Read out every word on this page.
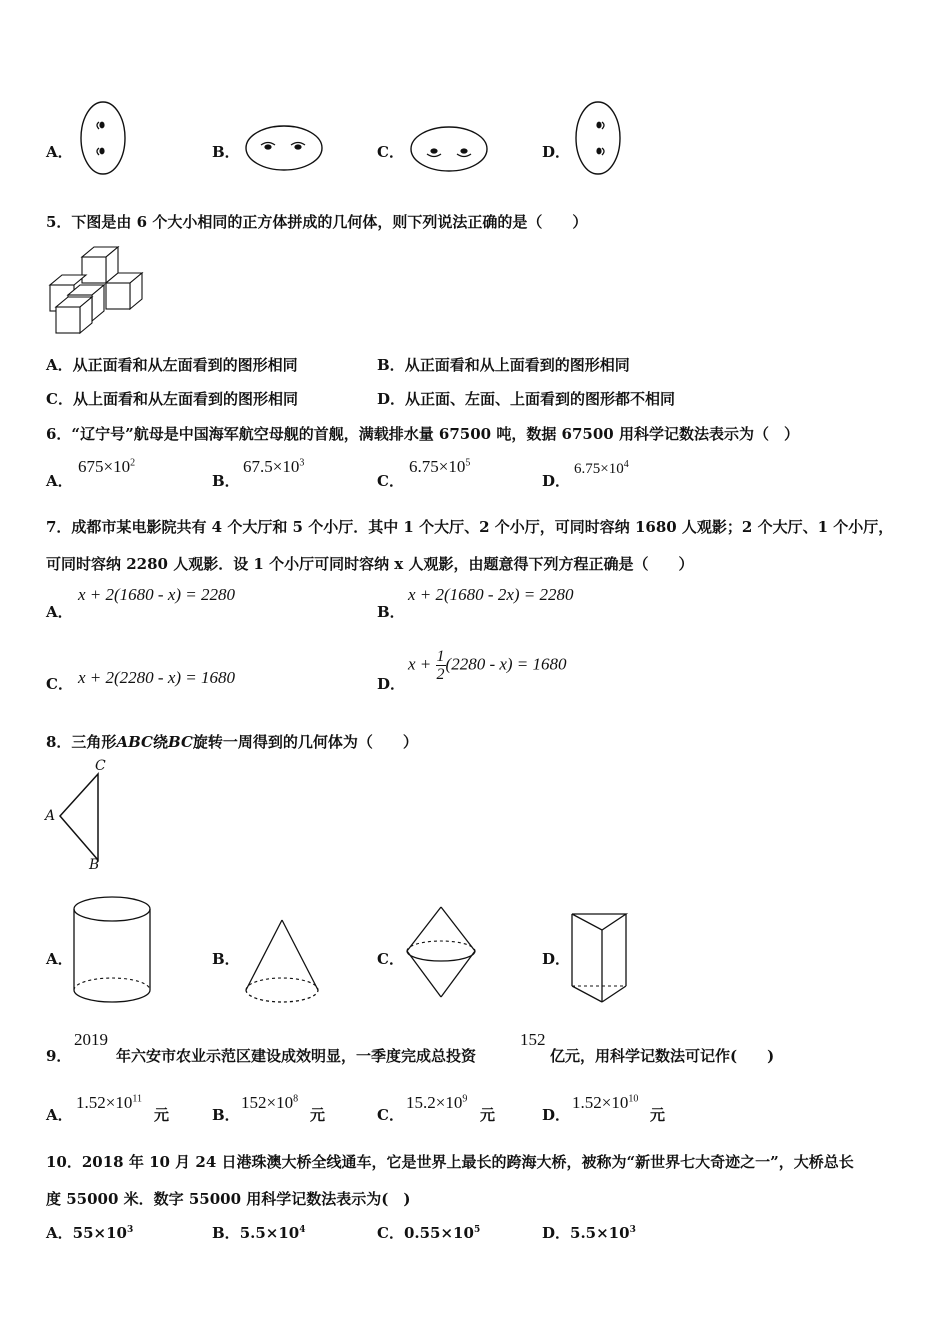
A．	B．	C．	D．
5．下图是由 6 个大小相同的正方体拼成的几何体，则下列说法正确的是（　　）
A．从正面看和从左面看到的图形相同	B．从正面看和从上面看到的图形相同
C．从上面看和从左面看到的图形相同	D．从正面、左面、上面看到的图形都不相同
6．“辽宁号”航母是中国海军航空母舰的首舰，满载排水量 67500 吨，数据 67500 用科学记数法表示为（　）
A．
$675\times 10^2$
B．
$67.5\times 10^3$
C．
$6.75\times 10^5$
D．
$6.75\times 10^4$
7．成都市某电影院共有 4 个大厅和 5 个小厅．其中 1 个大厅、2 个小厅，可同时容纳 1680 人观影；2 个大厅、1 个小厅，
可同时容纳 2280 人观影．设 1 个小厅可同时容纳 x 人观影，由题意得下列方程正确是（　　）
A．
x + 2(1680 - x) = 2280
B．
x + 2(1680 - 2x) = 2280
C． x + 2(2280 - x) = 1680	D．
$x + \frac{1}{2} (2280 - x) = 1680$
8．三角形ABC绕BC旋转一周得到的几何体为（　　）
C
A
B
A．	B．	C．	D．
9．
2019
年六安市农业示范区建设成效明显，一季度完成总投资
152
亿元，用科学记数法可记作(　　)
A．
$1.52\times 10^{11}$
元	B．
$152\times 10^8$
元	C．
$15.2\times 10^9$
元	D．
$1.52\times 10^{10}$
元
10．2018 年 10 月 24 日港珠澳大桥全线通车，它是世界上最长的跨海大桥，被称为“新世界七大奇迹之一”，大桥总长
度 55000 米．数字 55000 用科学记数法表示为(　)
A．$55\times 10^3$	B．$5.5\times 10^4$	C．$0.55\times 10^5$	D．$5.5\times 10^3$
